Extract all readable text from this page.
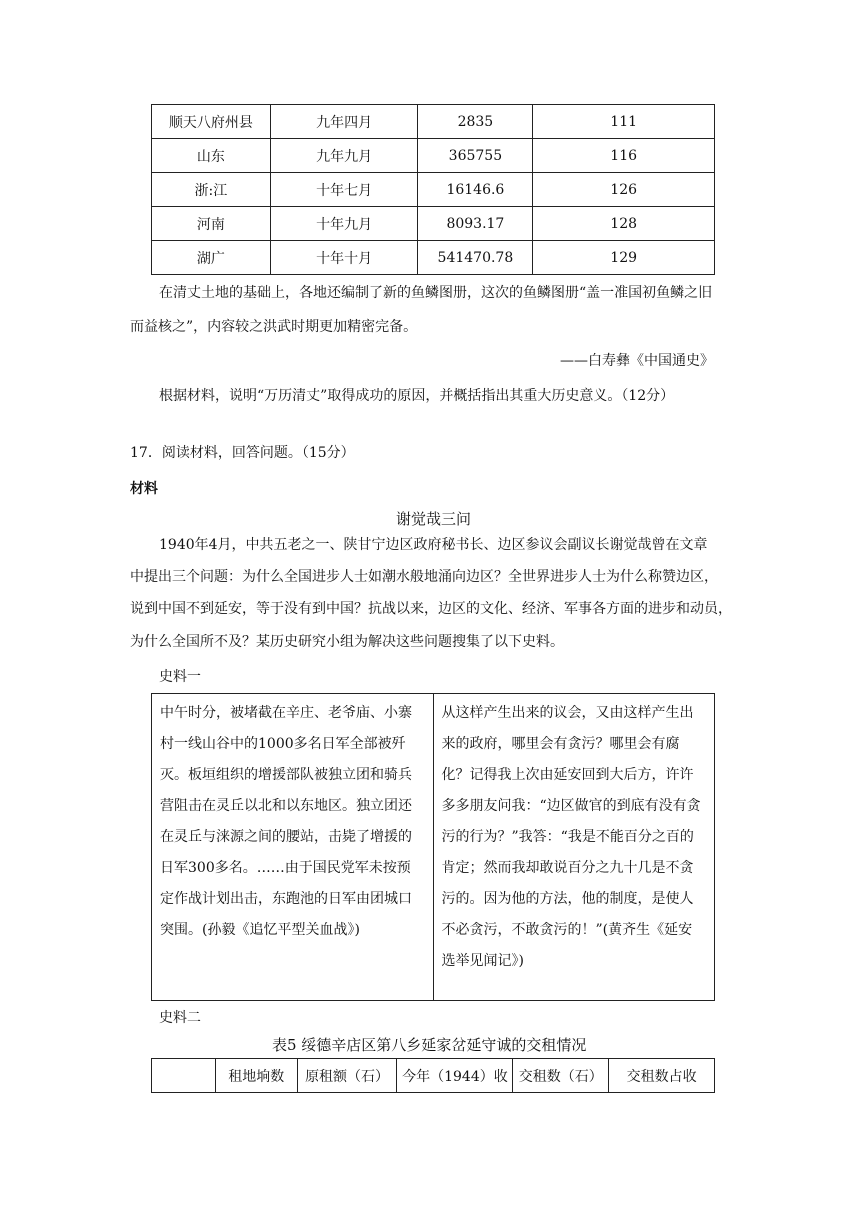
顺天八府州县	九年四月	2835	111
山东	九年九月	365755	116
浙:江	十年七月	16146.6	126
河南	十年九月	8093.17	128
湖广	十年十月	541470.78	129
在清丈土地的基础上，各地还编制了新的鱼鳞图册，这次的鱼鳞图册“盖一准国初鱼鳞之旧
而益核之”，内容较之洪武时期更加精密完备。
——白寿彝《中国通史》
根据材料，说明“万历清丈”取得成功的原因，并概括指出其重大历史意义。（12分）
17．阅读材料，回答问题。（15分）
材料
谢觉哉三问
1940年4月，中共五老之一、陕甘宁边区政府秘书长、边区参议会副议长谢觉哉曾在文章
中提出三个问题：为什么全国进步人士如潮水般地涌向边区？全世界进步人士为什么称赞边区，
说到中国不到延安，等于没有到中国？抗战以来，边区的文化、经济、军事各方面的进步和动员，
为什么全国所不及？某历史研究小组为解决这些问题搜集了以下史料。
史料一
中午时分，被堵截在辛庄、老爷庙、小寨
村一线山谷中的1000多名日军全部被歼
灭。板垣组织的增援部队被独立团和骑兵
营阻击在灵丘以北和以东地区。独立团还
在灵丘与涞源之间的腰站，击毙了增援的
日军300多名。……由于国民党军未按预
定作战计划出击，东跑池的日军由团城口
突围。(孙毅《追忆平型关血战》)

从这样产生出来的议会，又由这样产生出
来的政府，哪里会有贪污？哪里会有腐
化？记得我上次由延安回到大后方，许许
多多朋友问我：“边区做官的到底有没有贪
污的行为？”我答：“我是不能百分之百的
肯定；然而我却敢说百分之九十几是不贪
污的。因为他的方法，他的制度，是使人
不必贪污，不敢贪污的！”(黄齐生《延安
选举见闻记》)
史料二
表5 绥德辛店区第八乡延家岔延守诚的交租情况
	租地垧数	原租额（石）	今年（1944）收	交租数（石）	交租数占收
